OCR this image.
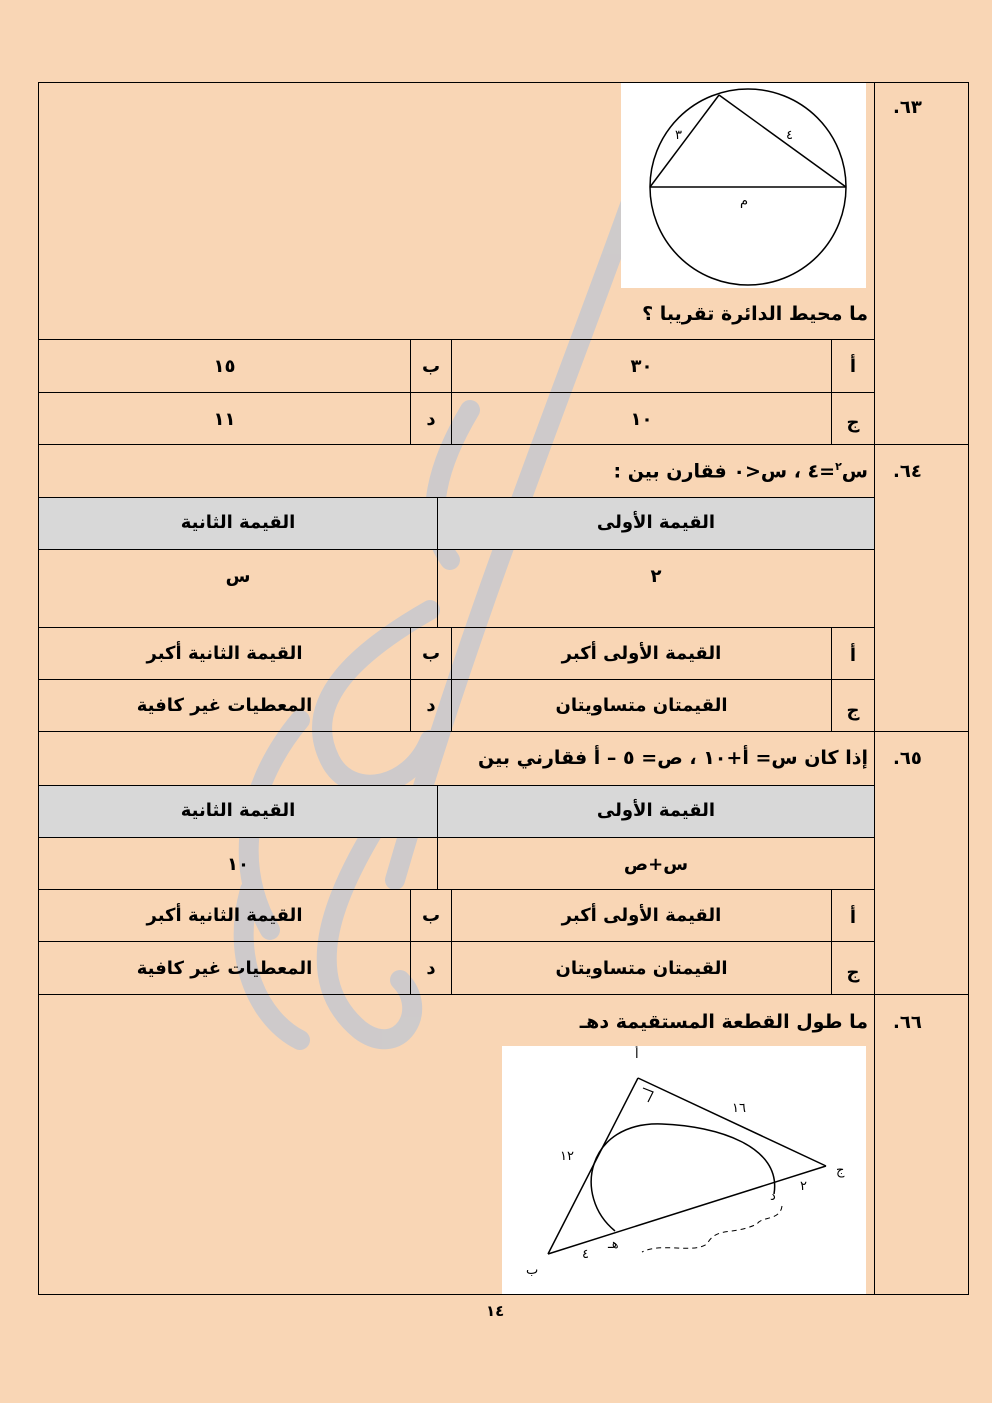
٦٣.
٣	٤
م
ما محيط الدائرة تقريبا ؟
أ
٣٠
ب
١٥
ج
١٠
د
١١
٦٤.
س$^٢$=٤ ، س<٠ فقارن بين :
القيمة الأولى
القيمة الثانية
٢
س
أ
القيمة الأولى أكبر
ب
القيمة الثانية أكبر
ج
القيمتان متساويتان
د
المعطيات غير كافية
٦٥.
إذا كان س= أ+١٠ ، ص= ٥ – أ فقارني بين
القيمة الأولى
القيمة الثانية
س+ص
١٠
أ
القيمة الأولى أكبر
ب
القيمة الثانية أكبر
ج
القيمتان متساويتان
د
المعطيات غير كافية
٦٦.
ما طول القطعة المستقيمة دهـ
أ
ب
ج
د
هـ
١٦
١٢
٢
٤
١٤
